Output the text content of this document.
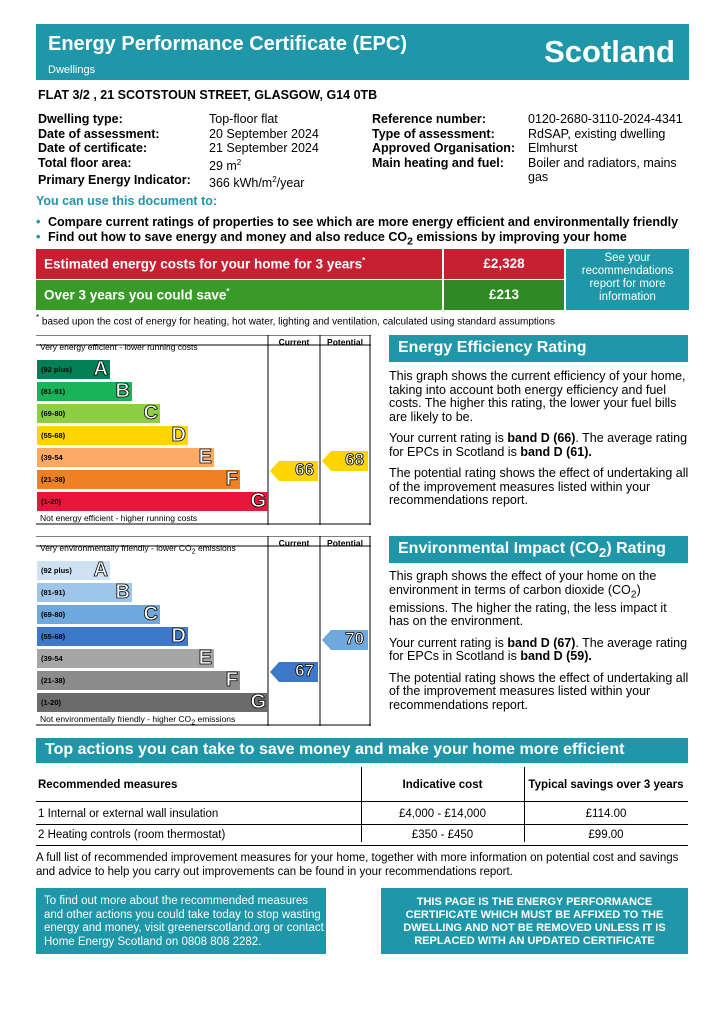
Energy Performance Certificate (EPC)
Dwellings
Scotland
FLAT 3/2 , 21 SCOTSTOUN STREET, GLASGOW, G14 0TB
Dwelling type:	Top-floor flat
Date of assessment:	20 September 2024
Date of certificate:	21 September 2024
Total floor area:	29 $m^2$
Primary Energy Indicator:	366 kWh/$m^2$/year
Reference number:	0120-2680-3110-2024-4341
Type of assessment:	RdSAP, existing dwelling
Approved Organisation:	Elmhurst
Main heating and fuel:	Boiler and radiators, mains gas
You can use this document to:
• Compare current ratings of properties to see which are more energy efficient and environmentally friendly
• Find out how to save energy and money and also reduce $CO_2$ emissions by improving your home
Estimated energy costs for your home for 3 years*	£2,328
Over 3 years you could save*	£213
See your recommendations report for more information
* based upon the cost of energy for heating, hot water, lighting and ventilation, calculated using standard assumptions
Current	Potential
Very energy efficient - lower running costs
Not energy efficient - higher running costs
(92 plus) A
(81-91)	B
(69-80)	C
(55-68)	D
(39-54	E
(21-38)	F
(1-20)	G
66
68
Energy Efficiency Rating

This graph shows the current efficiency of your home, taking into account both energy efficiency and fuel costs. The higher this rating, the lower your fuel bills are likely to be.

Your current rating is band D (66). The average rating for EPCs in Scotland is band D (61).

The potential rating shows the effect of undertaking all of the improvement measures listed within your recommendations report.

Current	Potential
Very environmentally friendly - lower $CO_2$ emissions
Not environmentally friendly - higher $CO_2$ emissions
(92 plus) A
(81-91)	B
(69-80)	C
(55-68)	D
(39-54	E
(21-38)	F
(1-20)	G
67
70
Environmental Impact $(CO_2)$ Rating

This graph shows the effect of your home on the environment in terms of carbon dioxide $(CO_2)$ emissions. The higher the rating, the less impact it has on the environment.

Your current rating is band D (67). The average rating for EPCs in Scotland is band D (59).

The potential rating shows the effect of undertaking all of the improvement measures listed within your recommendations report.

Top actions you can take to save money and make your home more efficient
Recommended measures	Indicative cost	Typical savings over 3 years
1 Internal or external wall insulation	£4,000 - £14,000	£114.00
2 Heating controls (room thermostat)	£350 - £450	£99.00
A full list of recommended improvement measures for your home, together with more information on potential cost and savings and advice to help you carry out improvements can be found in your recommendations report.
To find out more about the recommended measures and other actions you could take today to stop wasting energy and money, visit greenerscotland.org or contact Home Energy Scotland on 0808 808 2282.
THIS PAGE IS THE ENERGY PERFORMANCE CERTIFICATE WHICH MUST BE AFFIXED TO THE DWELLING AND NOT BE REMOVED UNLESS IT IS REPLACED WITH AN UPDATED CERTIFICATE
